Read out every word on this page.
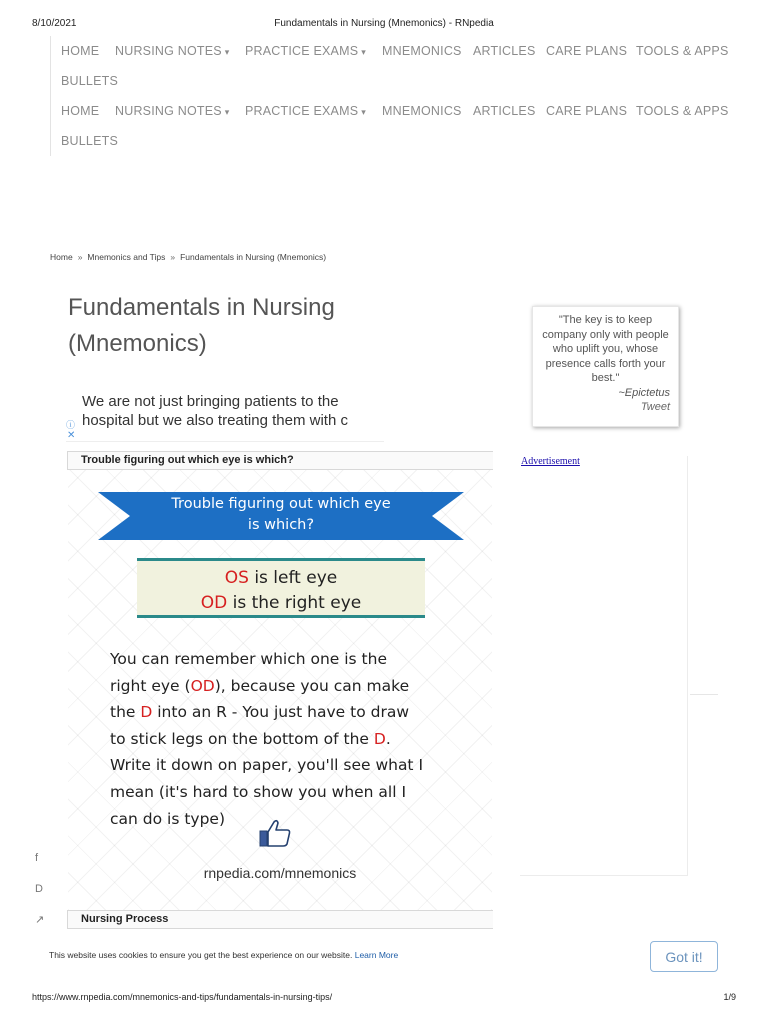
8/10/2021	Fundamentals in Nursing (Mnemonics) - RNpedia
HOME NURSING NOTES ▾ PRACTICE EXAMS ▾ MNEMONICS ARTICLES CARE PLANS TOOLS & APPS
BULLETS
HOME NURSING NOTES ▾ PRACTICE EXAMS ▾ MNEMONICS ARTICLES CARE PLANS TOOLS & APPS
BULLETS
Home » Mnemonics and Tips » Fundamentals in Nursing (Mnemonics)
Fundamentals in Nursing (Mnemonics)
We are not just bringing patients to the
hospital but we also treating them with c
ⓘ
✕
Trouble figuring out which eye is which?
Trouble figuring out which eye
is which?
OS is left eye
OD is the right eye
You can remember which one is the
right eye (OD), because you can make
the D into an R - You just have to draw
to stick legs on the bottom of the D.
Write it down on paper, you'll see what I
mean (it's hard to show you when all I
can do is type)
rnpedia.com/mnemonics
Nursing Process
"The key is to keep company only with people who uplift you, whose presence calls forth your best."
~Epictetus
Tweet
Advertisement
f
D
↗
This website uses cookies to ensure you get the best experience on our website. Learn More	Got it!
https://www.rnpedia.com/mnemonics-and-tips/fundamentals-in-nursing-tips/	1/9
